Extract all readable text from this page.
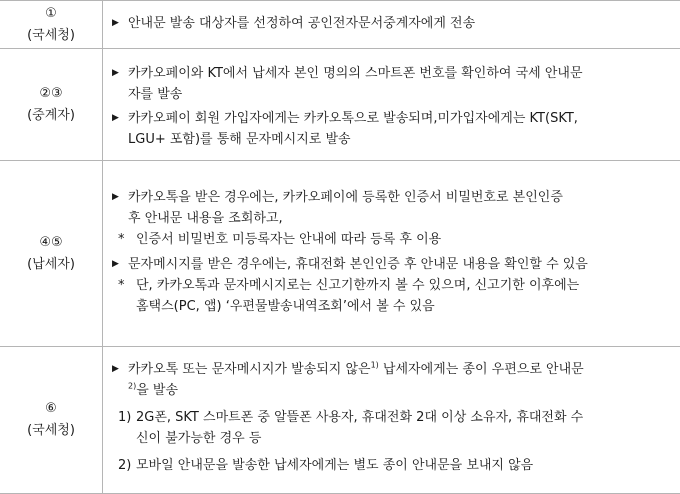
①
(국세청)

▶ 안내문 발송 대상자를 선정하여 공인전자문서중계자에게 전송

②③
(중계자)

▶ 카카오페이와 KT에서 납세자 본인 명의의 스마트폰 번호를 확인하여 국세 안내문
자를 발송

▶ 카카오페이 회원 가입자에게는 카카오톡으로 발송되며,미가입자에게는 KT(SKT,
LGU+ 포함)를 통해 문자메시지로 발송

④⑤
(납세자)

▶ 카카오톡을 받은 경우에는, 카카오페이에 등록한 인증서 비밀번호로 본인인증
후 안내문 내용을 조회하고,

* 인증서 비밀번호 미등록자는 안내에 따라 등록 후 이용

▶ 문자메시지를 받은 경우에는, 휴대전화 본인인증 후 안내문 내용을 확인할 수 있음

* 단, 카카오톡과 문자메시지로는 신고기한까지 볼 수 있으며, 신고기한 이후에는
홈택스(PC, 앱) ‘우편물발송내역조회’에서 볼 수 있음

⑥
(국세청)

▶ 카카오톡 또는 문자메시지가 발송되지 않은$^{1)}$ 납세자에게는 종이 우편으로 안내문
$^{2)}$을 발송

1) 2G폰, SKT 스마트폰 중 알뜰폰 사용자, 휴대전화 2대 이상 소유자, 휴대전화 수
신이 불가능한 경우 등

2) 모바일 안내문을 발송한 납세자에게는 별도 종이 안내문을 보내지 않음
